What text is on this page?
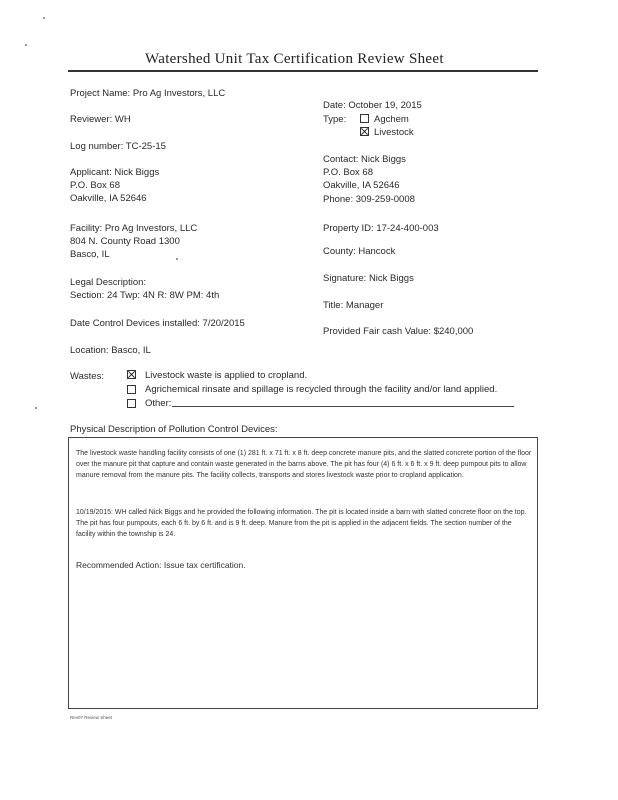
Watershed Unit Tax Certification Review Sheet
Project Name: Pro Ag Investors, LLC
Reviewer: WH
Log number: TC-25-15
Applicant: Nick Biggs
P.O. Box 68
Oakville, IA 52646
Facility: Pro Ag Investors, LLC
804 N. County Road 1300
Basco, IL
Legal Description:
Section: 24 Twp: 4N R: 8W PM: 4th
Date Control Devices installed: 7/20/2015
Location: Basco, IL
Date: October 19, 2015
Type:	Agchem
Livestock
Contact: Nick Biggs
P.O. Box 68
Oakville, IA 52646
Phone: 309-259-0008
Property ID: 17-24-400-003
County: Hancock
Signature: Nick Biggs
Title: Manager
Provided Fair cash Value: $240,000
Wastes:	Livestock waste is applied to cropland.
Agrichemical rinsate and spillage is recycled through the facility and/or land applied.
Other:
Physical Description of Pollution Control Devices:
The livestock waste handling facility consists of one (1) 281 ft. x 71 ft. x 8 ft. deep concrete manure pits, and the slatted concrete portion of the floor over the manure pit that capture and contain waste generated in the barns above. The pit has four (4) 6 ft. x 6 ft. x 9 ft. deep pumpout pits to allow manure removal from the manure pits. The facility collects, transports and stores livestock waste prior to cropland application.
10/19/2015: WH called Nick Biggs and he provided the following information. The pit is located inside a barn with slatted concrete floor on the top. The pit has four pumpouts, each 6 ft. by 6 ft. and is 9 ft. deep. Manure from the pit is applied in the adjacent fields. The section number of the facility within the township is 24.
Recommended Action: Issue tax certification.
Rev07 Review Sheet
